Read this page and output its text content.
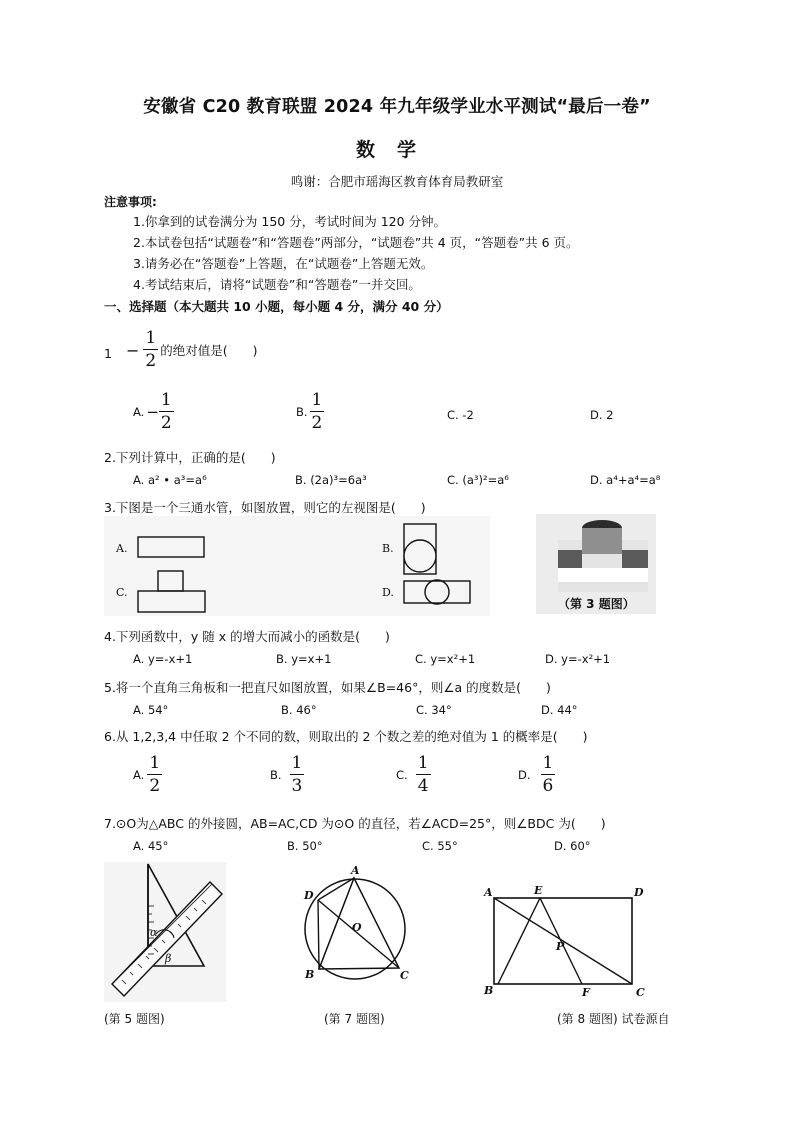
安徽省 C20 教育联盟 2024 年九年级学业水平测试“最后一卷”
数学
鸣谢：合肥市瑶海区教育体育局教研室
注意事项:
1.你拿到的试卷满分为 150 分，考试时间为 120 分钟。
2.本试卷包括“试题卷”和“答题卷”两部分，“试题卷”共 4 页，“答题卷”共 6 页。
3.请务必在“答题卷”上答题，在“试题卷”上答题无效。
4.考试结束后，请将“试题卷”和“答题卷”一并交回。
一、选择题（本大题共 10 小题，每小题 4 分，满分 40 分）
$1 - \frac{1}{2}$ 的绝对值是(　　)
A. − $\frac{1}{2}$	B. $\frac{1}{2}$	C. -2	D. 2
2.下列计算中，正确的是(　　)
A. a² • a³=a⁶	B. (2a)³=6a³	C. (a³)²=a⁶	D. a⁴+a⁴=a⁸
3.下图是一个三通水管，如图放置，则它的左视图是(　　)
A.	B.
C.	D.
（第 3 题图）
4.下列函数中，y 随 x 的增大而减小的函数是(　　)
A. y=-x+1	B. y=x+1	C. y=x²+1	D. y=-x²+1
5.将一个直角三角板和一把直尺如图放置，如果∠B=46°，则∠a 的度数是(　　)
A. 54°	B. 46°	C. 34°	D. 44°
6.从 1,2,3,4 中任取 2 个不同的数，则取出的 2 个数之差的绝对值为 1 的概率是(　　)
A. $\frac{1}{2}$	B. $\frac{1}{3}$	C. $\frac{1}{4}$	D. $\frac{1}{6}$
7.⊙O为△ABC 的外接圆，AB=AC,CD 为⊙O 的直径，若∠ACD=25°，则∠BDC 为(　　)
A. 45°	B. 50°	C. 55°	D. 60°
α
β
A
D
O
B	C
A	E	D
P
B	F	C
(第 5 题图)	(第 7 题图)	(第 8 题图) 试卷源自
